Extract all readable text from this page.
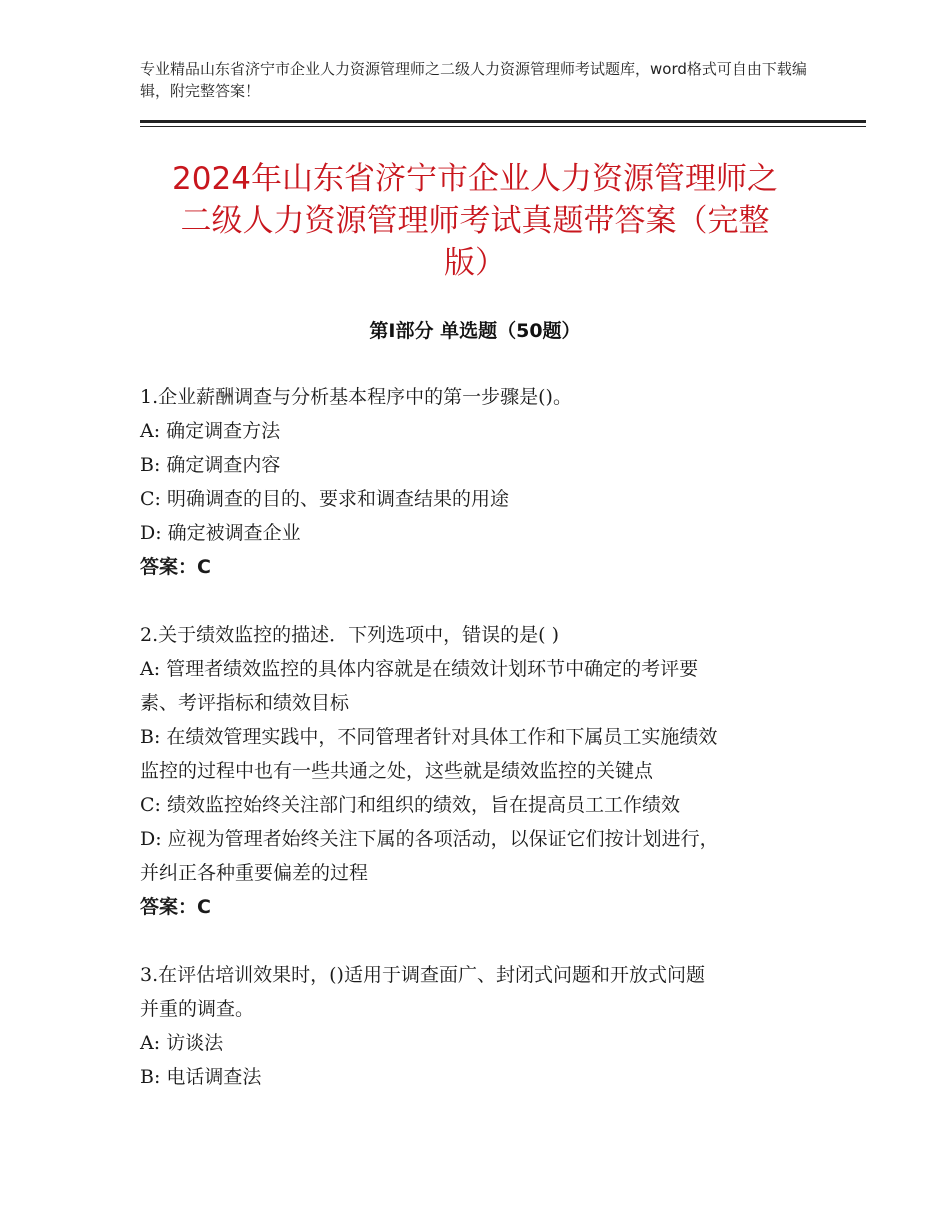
专业精品山东省济宁市企业人力资源管理师之二级人力资源管理师考试题库，word格式可自由下载编辑，附完整答案！
2024年山东省济宁市企业人力资源管理师之
二级人力资源管理师考试真题带答案（完整
版）
第Ⅰ部分 单选题（50题）
1.企业薪酬调查与分析基本程序中的第一步骤是()。
A: 确定调查方法
B: 确定调查内容
C: 明确调查的目的、要求和调查结果的用途
D: 确定被调查企业
答案：C
2.关于绩效监控的描述．下列选项中，错误的是( )
A: 管理者绩效监控的具体内容就是在绩效计划环节中确定的考评要
素、考评指标和绩效目标
B: 在绩效管理实践中，不同管理者针对具体工作和下属员工实施绩效
监控的过程中也有一些共通之处，这些就是绩效监控的关键点
C: 绩效监控始终关注部门和组织的绩效，旨在提高员工工作绩效
D: 应视为管理者始终关注下属的各项活动，以保证它们按计划进行，
并纠正各种重要偏差的过程
答案：C
3.在评估培训效果时，()适用于调查面广、封闭式问题和开放式问题
并重的调查。
A: 访谈法
B: 电话调查法
